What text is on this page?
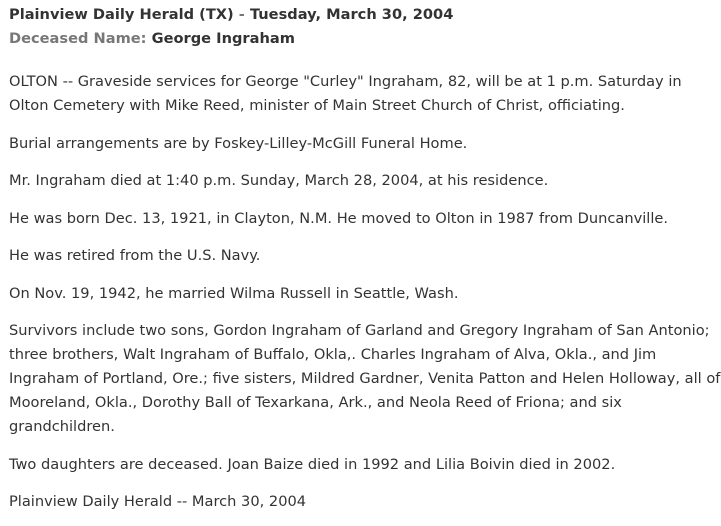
Plainview Daily Herald (TX) - Tuesday, March 30, 2004
Deceased Name: George Ingraham

OLTON -- Graveside services for George "Curley" Ingraham, 82, will be at 1 p.m. Saturday in Olton Cemetery with Mike Reed, minister of Main Street Church of Christ, officiating.

Burial arrangements are by Foskey-Lilley-McGill Funeral Home.

Mr. Ingraham died at 1:40 p.m. Sunday, March 28, 2004, at his residence.

He was born Dec. 13, 1921, in Clayton, N.M. He moved to Olton in 1987 from Duncanville.

He was retired from the U.S. Navy.

On Nov. 19, 1942, he married Wilma Russell in Seattle, Wash.

Survivors include two sons, Gordon Ingraham of Garland and Gregory Ingraham of San Antonio; three brothers, Walt Ingraham of Buffalo, Okla,. Charles Ingraham of Alva, Okla., and Jim Ingraham of Portland, Ore.; five sisters, Mildred Gardner, Venita Patton and Helen Holloway, all of Mooreland, Okla., Dorothy Ball of Texarkana, Ark., and Neola Reed of Friona; and six grandchildren.

Two daughters are deceased. Joan Baize died in 1992 and Lilia Boivin died in 2002.

Plainview Daily Herald -- March 30, 2004
